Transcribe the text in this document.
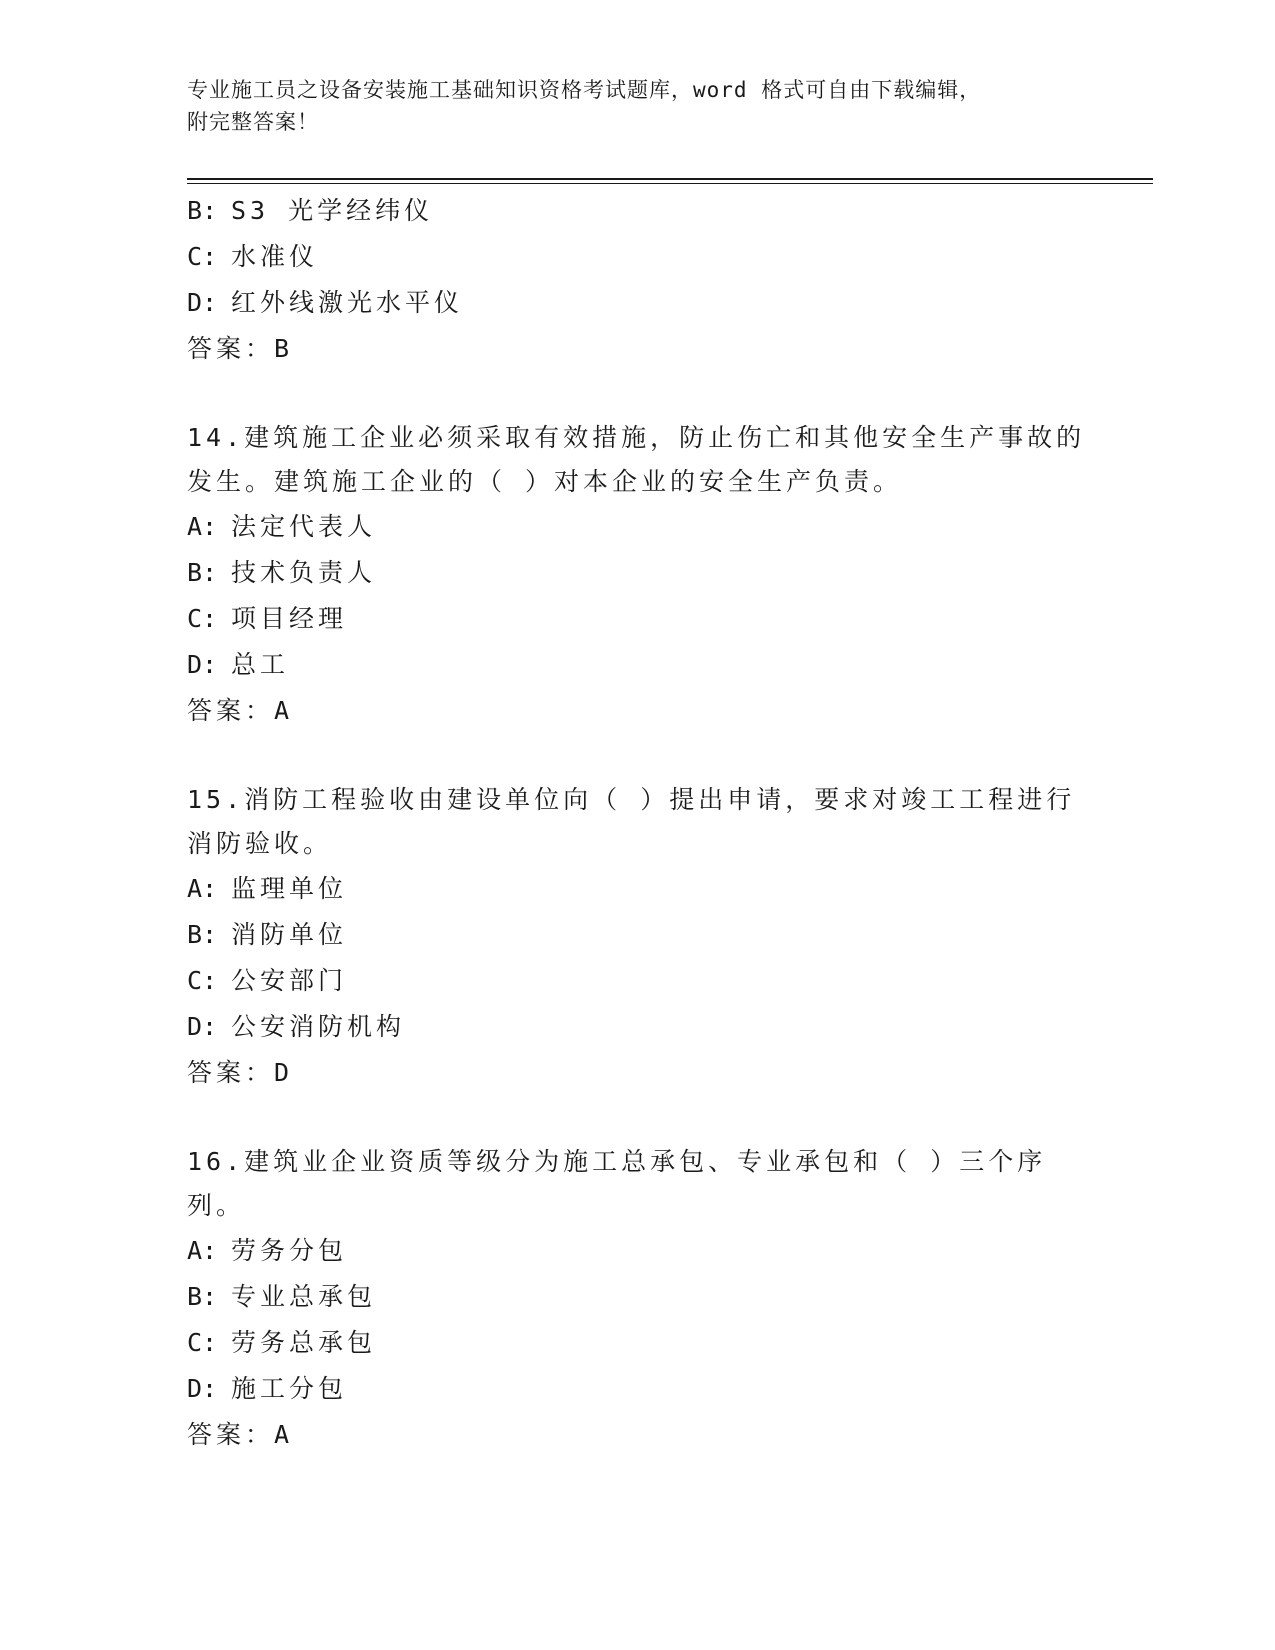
专业施工员之设备安装施工基础知识资格考试题库，word 格式可自由下载编辑，
附完整答案！
B: S3 光学经纬仪
C: 水准仪
D: 红外线激光水平仪
答案：B
14.建筑施工企业必须采取有效措施，防止伤亡和其他安全生产事故的发生。建筑施工企业的（ ）对本企业的安全生产负责。
A: 法定代表人
B: 技术负责人
C: 项目经理
D: 总工
答案：A
15.消防工程验收由建设单位向（ ）提出申请，要求对竣工工程进行消防验收。
A: 监理单位
B: 消防单位
C: 公安部门
D: 公安消防机构
答案：D
16.建筑业企业资质等级分为施工总承包、专业承包和（ ）三个序列。
A: 劳务分包
B: 专业总承包
C: 劳务总承包
D: 施工分包
答案：A
